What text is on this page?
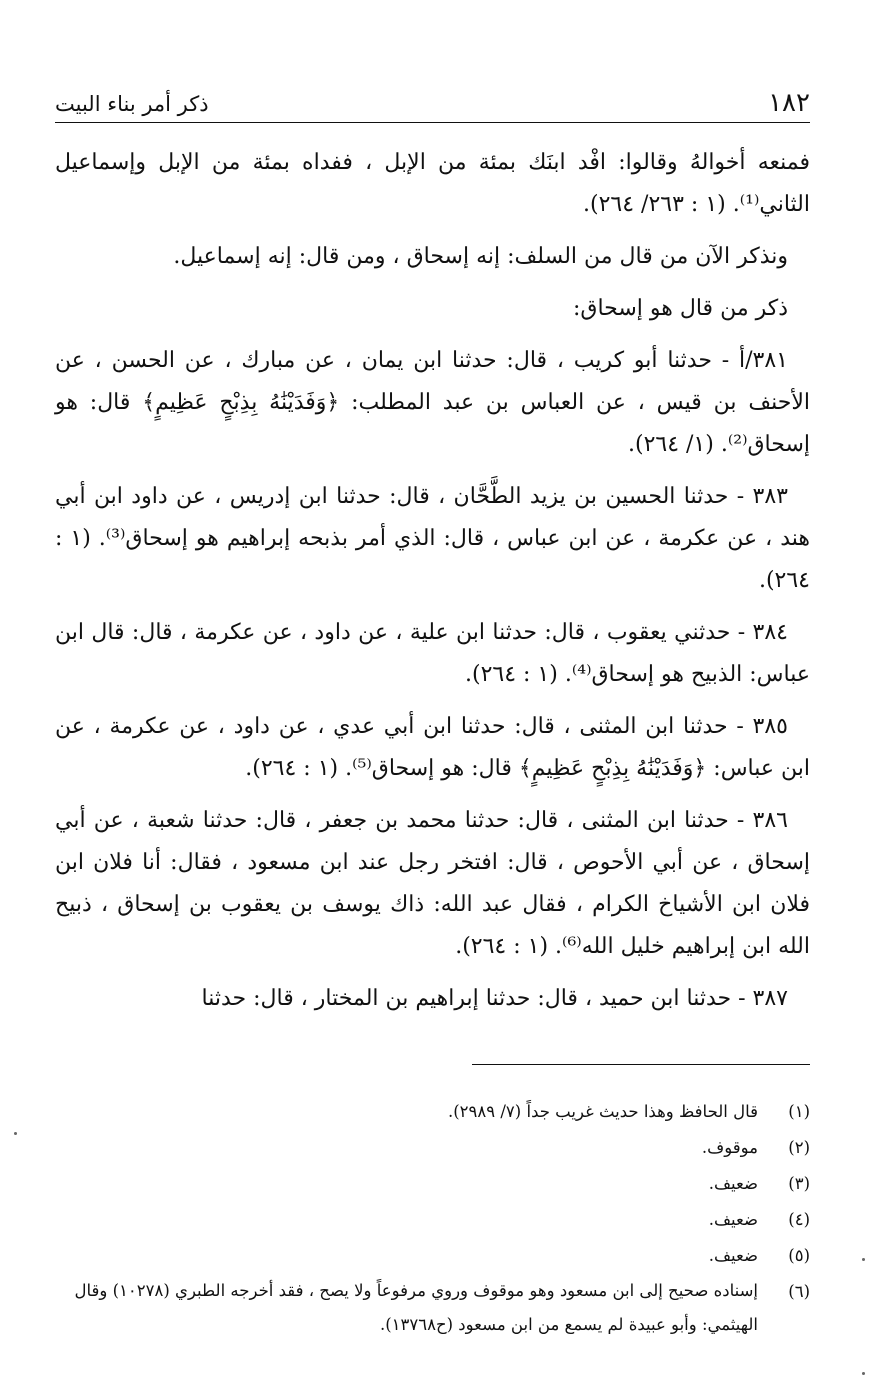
١٨٢
ذكر أمر بناء البيت

فمنعه أخوالهُ وقالوا: افْد ابنَك بمئة من الإبل ، ففداه بمئة من الإبل وإسماعيل الثاني⁽¹⁾. (١ : ٢٦٣/ ٢٦٤).

ونذكر الآن من قال من السلف: إنه إسحاق ، ومن قال: إنه إسماعيل.

ذكر من قال هو إسحاق:

٣٨١/أ - حدثنا أبو كريب ، قال: حدثنا ابن يمان ، عن مبارك ، عن الحسن ، عن الأحنف بن قيس ، عن العباس بن عبد المطلب: ﴿وَفَدَيْنَٰهُ بِذِبْحٍ عَظِيمٍ﴾ قال: هو إسحاق⁽²⁾. (١/ ٢٦٤).

٣٨٣ - حدثنا الحسين بن يزيد الطَّحَّان ، قال: حدثنا ابن إدريس ، عن داود ابن أبي هند ، عن عكرمة ، عن ابن عباس ، قال: الذي أمر بذبحه إبراهيم هو إسحاق⁽³⁾. (١ : ٢٦٤).

٣٨٤ - حدثني يعقوب ، قال: حدثنا ابن علية ، عن داود ، عن عكرمة ، قال: قال ابن عباس: الذبيح هو إسحاق⁽⁴⁾. (١ : ٢٦٤).

٣٨٥ - حدثنا ابن المثنى ، قال: حدثنا ابن أبي عدي ، عن داود ، عن عكرمة ، عن ابن عباس: ﴿وَفَدَيْنَٰهُ بِذِبْحٍ عَظِيمٍ﴾ قال: هو إسحاق⁽⁵⁾. (١ : ٢٦٤).

٣٨٦ - حدثنا ابن المثنى ، قال: حدثنا محمد بن جعفر ، قال: حدثنا شعبة ، عن أبي إسحاق ، عن أبي الأحوص ، قال: افتخر رجل عند ابن مسعود ، فقال: أنا فلان ابن فلان ابن الأشياخ الكرام ، فقال عبد الله: ذاك يوسف بن يعقوب بن إسحاق ، ذبيح الله ابن إبراهيم خليل الله⁽⁶⁾. (١ : ٢٦٤).

٣٨٧ - حدثنا ابن حميد ، قال: حدثنا إبراهيم بن المختار ، قال: حدثنا

(١)
قال الحافظ وهذا حديث غريب جداً (٧/ ٢٩٨٩).
(٢)
موقوف.
(٣)
ضعيف.
(٤)
ضعيف.
(٥)
ضعيف.
(٦)
إسناده صحيح إلى ابن مسعود وهو موقوف وروي مرفوعاً ولا يصح ، فقد أخرجه الطبري (١٠٢٧٨) وقال الهيثمي: وأبو عبيدة لم يسمع من ابن مسعود (ح١٣٧٦٨).
